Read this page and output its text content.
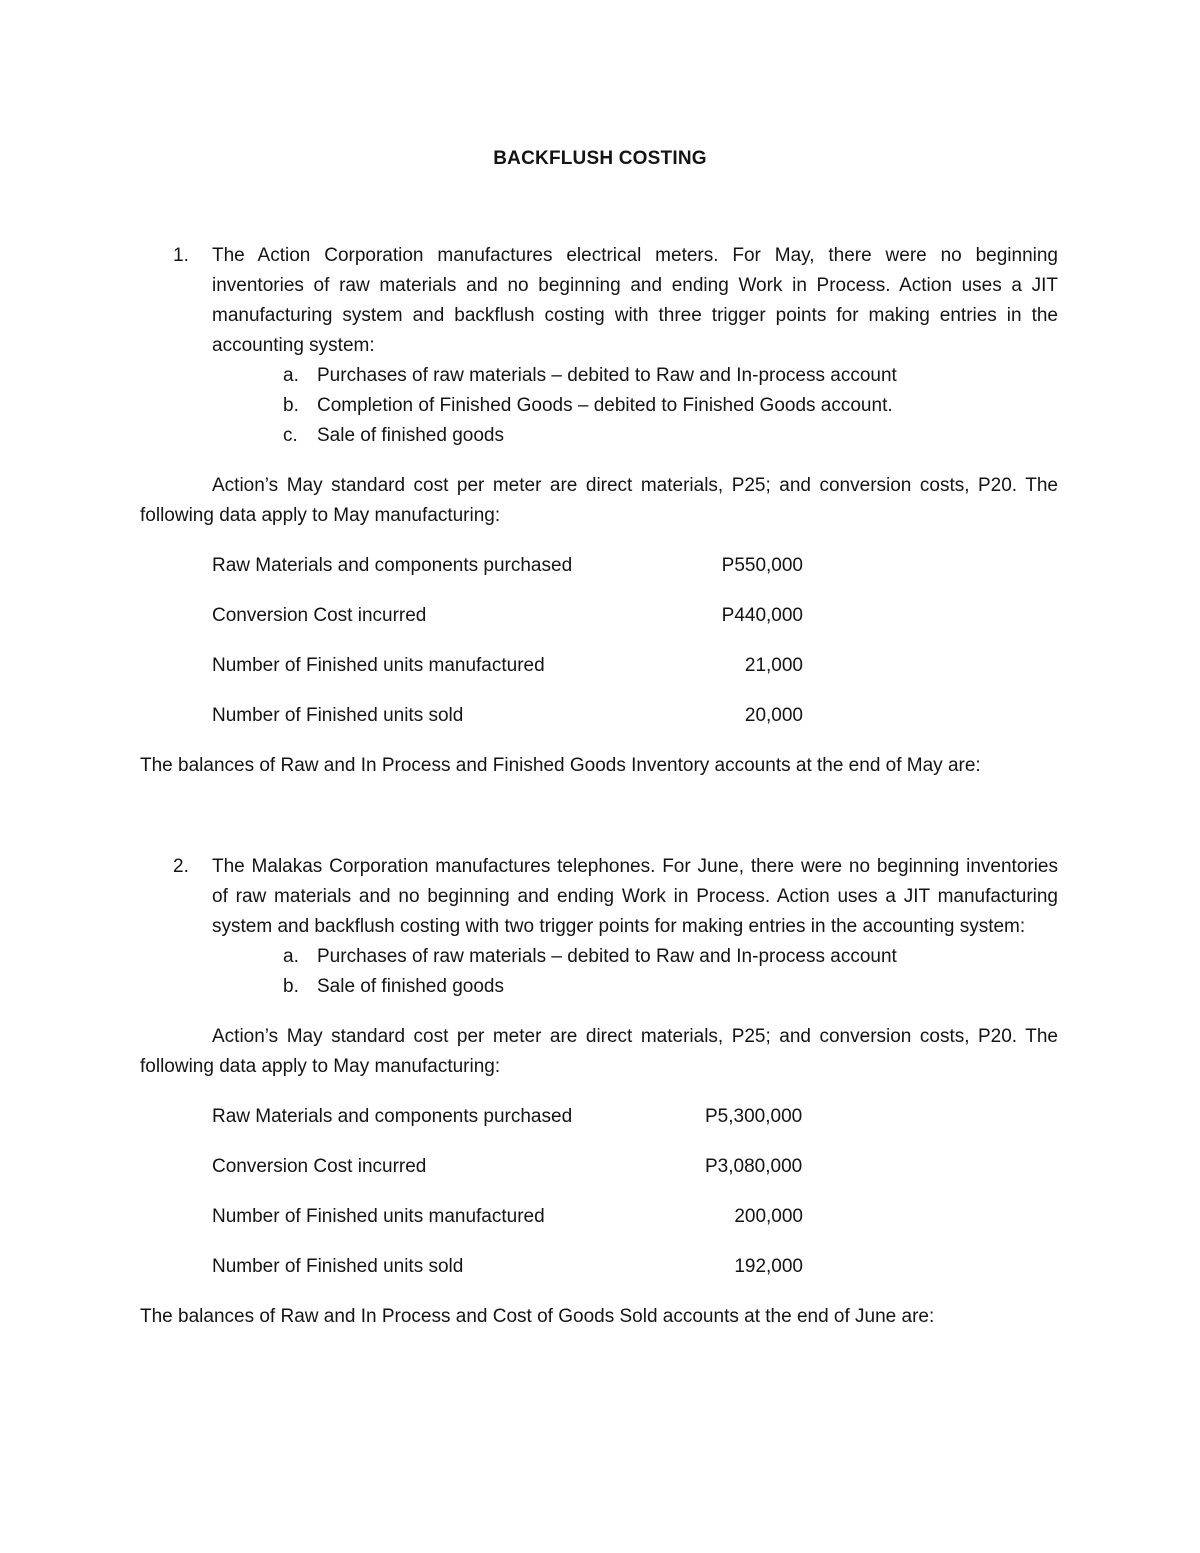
BACKFLUSH COSTING
1.	The Action Corporation manufactures electrical meters. For May, there were no beginning inventories of raw materials and no beginning and ending Work in Process. Action uses a JIT manufacturing system and backflush costing with three trigger points for making entries in the accounting system:
a. Purchases of raw materials – debited to Raw and In-process account
b. Completion of Finished Goods – debited to Finished Goods account.
c.	Sale of finished goods
Action’s May standard cost per meter are direct materials, P25; and conversion costs, P20. The following data apply to May manufacturing:
Raw Materials and components purchased	P550,000
Conversion Cost incurred	P440,000
Number of Finished units manufactured	21,000
Number of Finished units sold	20,000
The balances of Raw and In Process and Finished Goods Inventory accounts at the end of May are:
2.	The Malakas Corporation manufactures telephones. For June, there were no beginning inventories of raw materials and no beginning and ending Work in Process. Action uses a JIT manufacturing system and backflush costing with two trigger points for making entries in the accounting system:
a. Purchases of raw materials – debited to Raw and In-process account
b. Sale of finished goods
Action’s May standard cost per meter are direct materials, P25; and conversion costs, P20. The following data apply to May manufacturing:
Raw Materials and components purchased	P5,300,000
Conversion Cost incurred	P3,080,000
Number of Finished units manufactured	200,000
Number of Finished units sold	192,000
The balances of Raw and In Process and Cost of Goods Sold accounts at the end of June are:
